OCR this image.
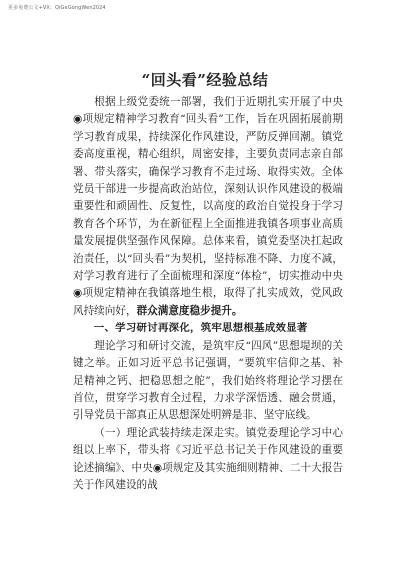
更多免费公文+VX：QiGeGongWen2024
“回头看”经验总结

根据上级党委统一部署，我们于近期扎实开展了中央◉项规定精神学习教育“回头看”工作，旨在巩固拓展前期学习教育成果，持续深化作风建设，严防反弹回潮。镇党委高度重视，精心组织，周密安排，主要负责同志亲自部署、带头落实，确保学习教育不走过场、取得实效。全体党员干部进一步提高政治站位，深刻认识作风建设的极端重要性和顽固性、反复性，以高度的政治自觉投身于学习教育各个环节，为在新征程上全面推进我镇各项事业高质量发展提供坚强作风保障。总体来看，镇党委坚决扛起政治责任，以“回头看”为契机，坚持标准不降、力度不减，对学习教育进行了全面梳理和深度“体检”，切实推动中央◉项规定精神在我镇落地生根，取得了扎实成效，党风政风持续向好，群众满意度稳步提升。

一、学习研讨再深化，筑牢思想根基成效显著

理论学习和研讨交流，是筑牢反“四风”思想堤坝的关键之举。正如习近平总书记强调，“要筑牢信仰之基、补足精神之钙、把稳思想之舵”，我们始终将理论学习摆在首位，贯穿学习教育全过程，力求学深悟透、融会贯通，引导党员干部真正从思想深处明辨是非、坚守底线。

（一）理论武装持续走深走实。镇党委理论学习中心组以上率下，带头将《习近平总书记关于作风建设的重要论述摘编》、中央◉项规定及其实施细则精神、二十大报告关于作风建设的战
